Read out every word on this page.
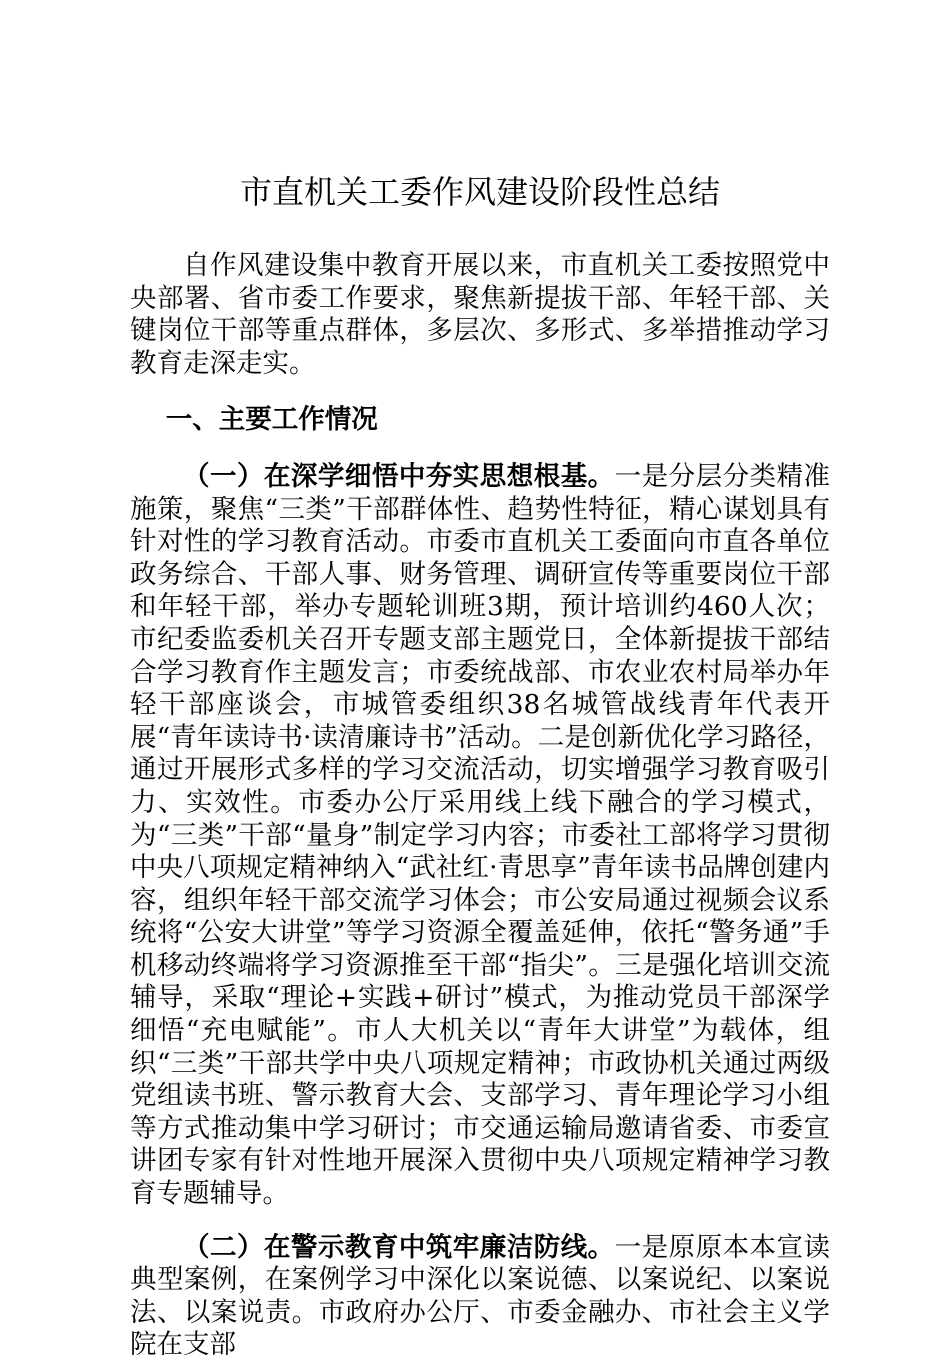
市直机关工委作风建设阶段性总结

自作风建设集中教育开展以来，市直机关工委按照党中央部署、省市委工作要求，聚焦新提拔干部、年轻干部、关键岗位干部等重点群体，多层次、多形式、多举措推动学习教育走深走实。

一、主要工作情况

（一）在深学细悟中夯实思想根基。一是分层分类精准施策，聚焦“三类”干部群体性、趋势性特征，精心谋划具有针对性的学习教育活动。市委市直机关工委面向市直各单位政务综合、干部人事、财务管理、调研宣传等重要岗位干部和年轻干部，举办专题轮训班3期，预计培训约460人次；市纪委监委机关召开专题支部主题党日，全体新提拔干部结合学习教育作主题发言；市委统战部、市农业农村局举办年轻干部座谈会，市城管委组织38名城管战线青年代表开展“青年读诗书·读清廉诗书”活动。二是创新优化学习路径，通过开展形式多样的学习交流活动，切实增强学习教育吸引力、实效性。市委办公厅采用线上线下融合的学习模式，为“三类”干部“量身”制定学习内容；市委社工部将学习贯彻中央八项规定精神纳入“武社红·青思享”青年读书品牌创建内容，组织年轻干部交流学习体会；市公安局通过视频会议系统将“公安大讲堂”等学习资源全覆盖延伸，依托“警务通”手机移动终端将学习资源推至干部“指尖”。三是强化培训交流辅导，采取“理论+实践+研讨”模式，为推动党员干部深学细悟“充电赋能”。市人大机关以“青年大讲堂”为载体，组织“三类”干部共学中央八项规定精神；市政协机关通过两级党组读书班、警示教育大会、支部学习、青年理论学习小组等方式推动集中学习研讨；市交通运输局邀请省委、市委宣讲团专家有针对性地开展深入贯彻中央八项规定精神学习教育专题辅导。

（二）在警示教育中筑牢廉洁防线。一是原原本本宣读典型案例，在案例学习中深化以案说德、以案说纪、以案说法、以案说责。市政府办公厅、市委金融办、市社会主义学院在支部
